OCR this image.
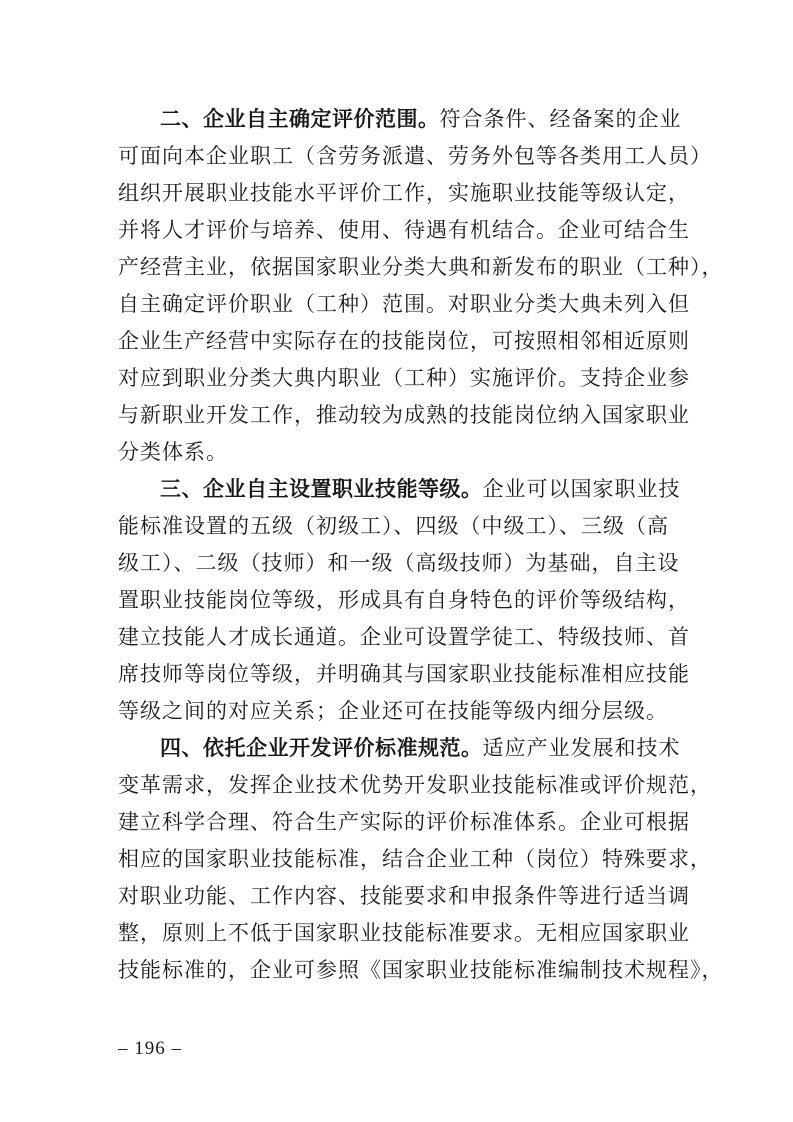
二、企业自主确定评价范围。符合条件、经备案的企业
可面向本企业职工（含劳务派遣、劳务外包等各类用工人员）
组织开展职业技能水平评价工作，实施职业技能等级认定，
并将人才评价与培养、使用、待遇有机结合。企业可结合生
产经营主业，依据国家职业分类大典和新发布的职业（工种），
自主确定评价职业（工种）范围。对职业分类大典未列入但
企业生产经营中实际存在的技能岗位，可按照相邻相近原则
对应到职业分类大典内职业（工种）实施评价。支持企业参
与新职业开发工作，推动较为成熟的技能岗位纳入国家职业
分类体系。
三、企业自主设置职业技能等级。企业可以国家职业技
能标准设置的五级（初级工）、四级（中级工）、三级（高
级工）、二级（技师）和一级（高级技师）为基础，自主设
置职业技能岗位等级，形成具有自身特色的评价等级结构，
建立技能人才成长通道。企业可设置学徒工、特级技师、首
席技师等岗位等级，并明确其与国家职业技能标准相应技能
等级之间的对应关系；企业还可在技能等级内细分层级。
四、依托企业开发评价标准规范。适应产业发展和技术
变革需求，发挥企业技术优势开发职业技能标准或评价规范，
建立科学合理、符合生产实际的评价标准体系。企业可根据
相应的国家职业技能标准，结合企业工种（岗位）特殊要求，
对职业功能、工作内容、技能要求和申报条件等进行适当调
整，原则上不低于国家职业技能标准要求。无相应国家职业
技能标准的，企业可参照《国家职业技能标准编制技术规程》，
– 196 –
